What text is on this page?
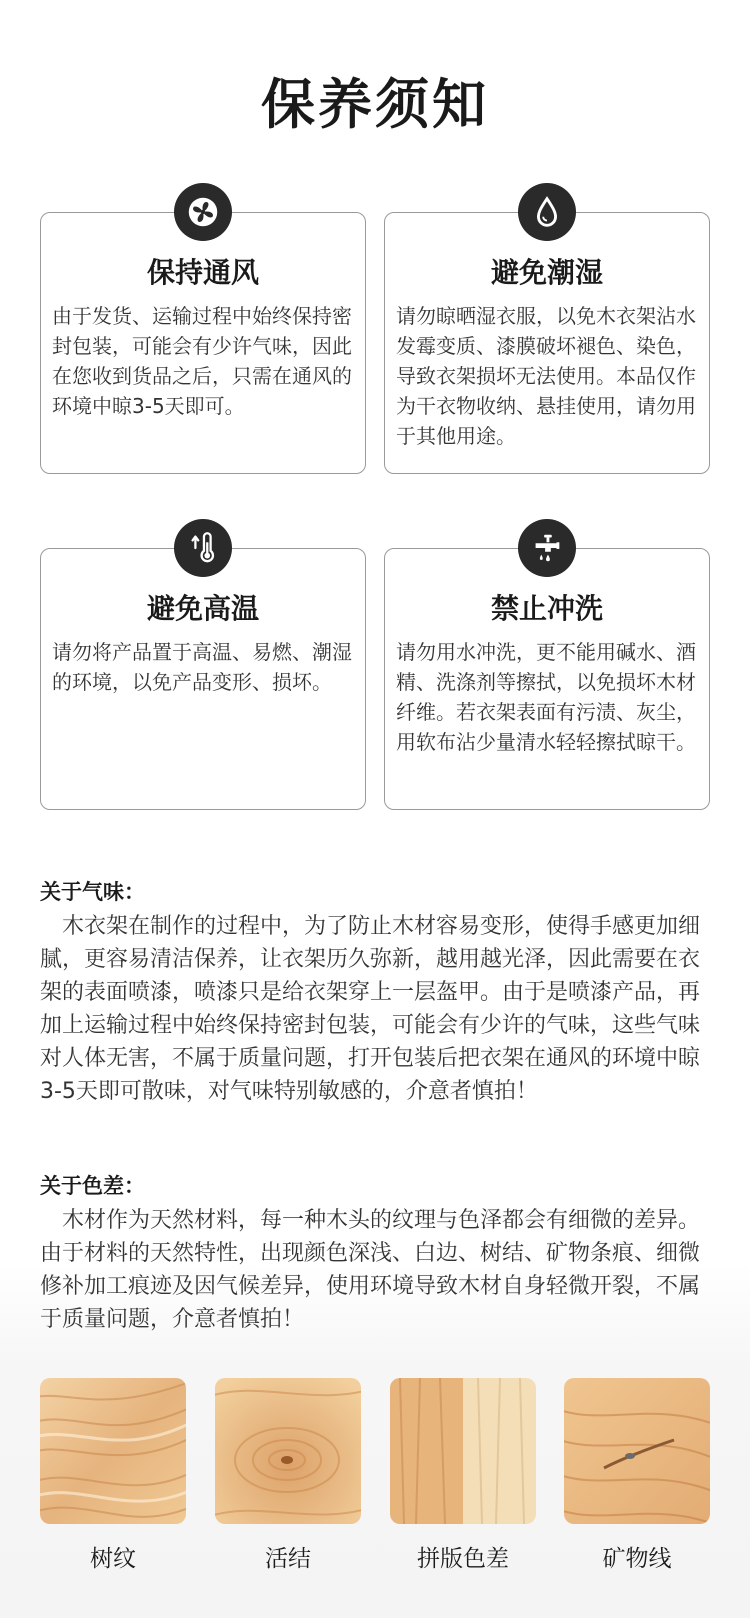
保养须知
保持通风
由于发货、运输过程中始终保持密封包装，可能会有少许气味，因此在您收到货品之后，只需在通风的环境中晾3-5天即可。
避免潮湿
请勿晾晒湿衣服，以免木衣架沾水发霉变质、漆膜破坏褪色、染色，导致衣架损坏无法使用。本品仅作为干衣物收纳、悬挂使用，请勿用于其他用途。
避免高温
请勿将产品置于高温、易燃、潮湿的环境，以免产品变形、损坏。
禁止冲洗
请勿用水冲洗，更不能用碱水、酒精、洗涤剂等擦拭，以免损坏木材纤维。若衣架表面有污渍、灰尘，用软布沾少量清水轻轻擦拭晾干。
关于气味：
木衣架在制作的过程中，为了防止木材容易变形，使得手感更加细腻，更容易清洁保养，让衣架历久弥新，越用越光泽，因此需要在衣架的表面喷漆，喷漆只是给衣架穿上一层盔甲。由于是喷漆产品，再加上运输过程中始终保持密封包装，可能会有少许的气味，这些气味对人体无害，不属于质量问题，打开包装后把衣架在通风的环境中晾3-5天即可散味，对气味特别敏感的，介意者慎拍！
关于色差：
木材作为天然材料，每一种木头的纹理与色泽都会有细微的差异。由于材料的天然特性，出现颜色深浅、白边、树结、矿物条痕、细微修补加工痕迹及因气候差异，使用环境导致木材自身轻微开裂，不属于质量问题，介意者慎拍！
树纹	活结	拼版色差	矿物线
